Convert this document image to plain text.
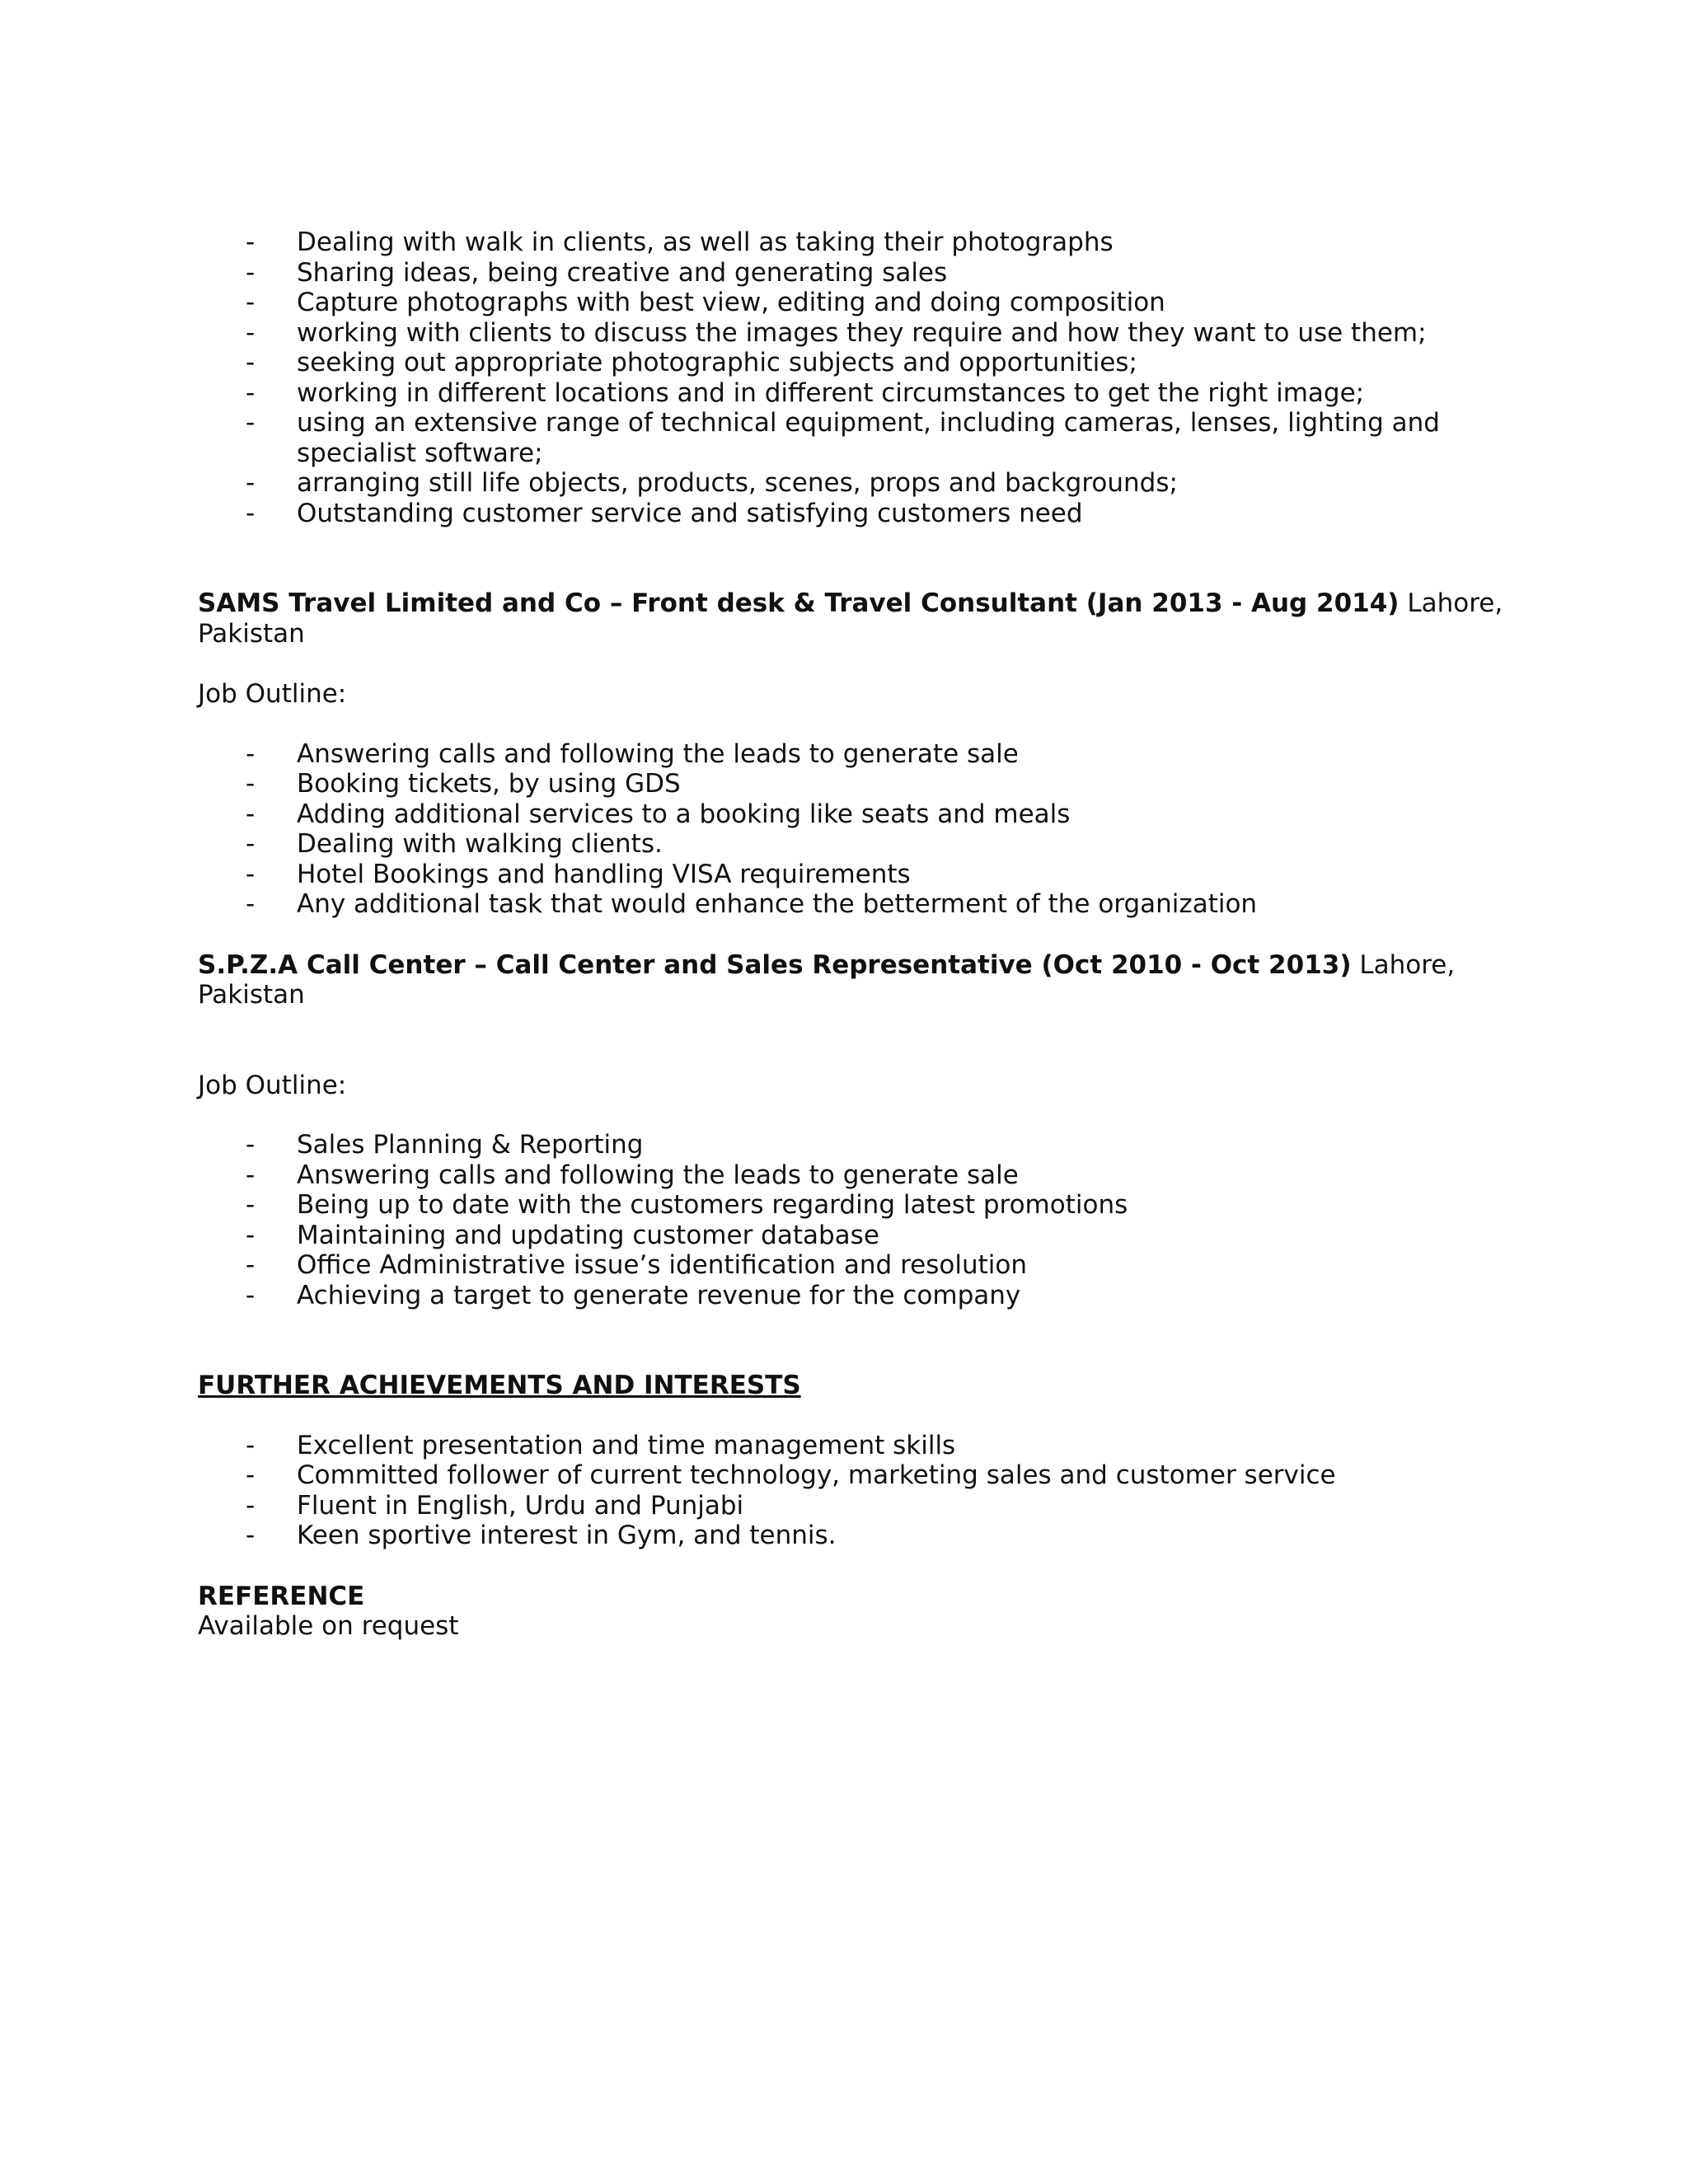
- Dealing with walk in clients, as well as taking their photographs
- Sharing ideas, being creative and generating sales
- Capture photographs with best view, editing and doing composition
- working with clients to discuss the images they require and how they want to use them;
- seeking out appropriate photographic subjects and opportunities;
- working in different locations and in different circumstances to get the right image;
- using an extensive range of technical equipment, including cameras, lenses, lighting and specialist software;
- arranging still life objects, products, scenes, props and backgrounds;
- Outstanding customer service and satisfying customers need

SAMS Travel Limited and Co – Front desk & Travel Consultant (Jan 2013 - Aug 2014) Lahore, Pakistan

Job Outline:

- Answering calls and following the leads to generate sale
- Booking tickets, by using GDS
- Adding additional services to a booking like seats and meals
- Dealing with walking clients.
- Hotel Bookings and handling VISA requirements
- Any additional task that would enhance the betterment of the organization

S.P.Z.A Call Center – Call Center and Sales Representative (Oct 2010 - Oct 2013) Lahore, Pakistan

Job Outline:

- Sales Planning & Reporting
- Answering calls and following the leads to generate sale
- Being up to date with the customers regarding latest promotions
- Maintaining and updating customer database
- Office Administrative issue’s identification and resolution
- Achieving a target to generate revenue for the company

FURTHER ACHIEVEMENTS AND INTERESTS

- Excellent presentation and time management skills
- Committed follower of current technology, marketing sales and customer service
- Fluent in English, Urdu and Punjabi
- Keen sportive interest in Gym, and tennis.

REFERENCE

Available on request
